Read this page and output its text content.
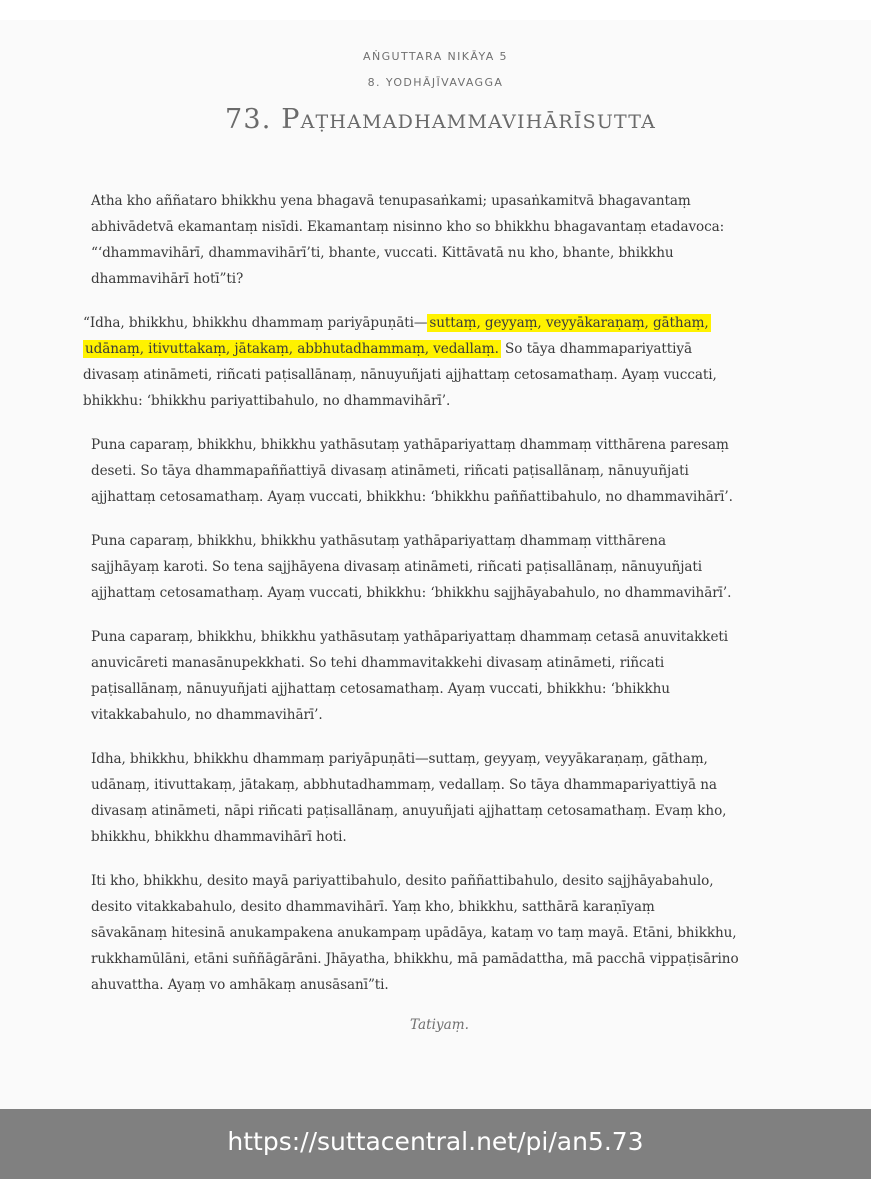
AṄGUTTARA NIKĀYA 5
8. YODHĀJĪVAVAGGA
73. Paṭhamadhammavihārīsutta

Atha kho aññataro bhikkhu yena bhagavā tenupasaṅkami; upasaṅkamitvā bhagavantaṃ
abhivādetvā ekamantaṃ nisīdi. Ekamantaṃ nisinno kho so bhikkhu bhagavantaṃ etadavoca:
“‘dhammavihārī, dhammavihārī’ti, bhante, vuccati. Kittāvatā nu kho, bhante, bhikkhu
dhammavihārī hotī”ti?

“Idha, bhikkhu, bhikkhu dhammaṃ pariyāpuṇāti— suttaṃ, geyyaṃ, veyyākaraṇaṃ, gāthaṃ,
udānaṃ, itivuttakaṃ, jātakaṃ, abbhutadhammaṃ, vedallaṃ. So tāya dhammapariyattiyā
divasaṃ atināmeti, riñcati paṭisallānaṃ, nānuyuñjati ajjhattaṃ cetosamathaṃ. Ayaṃ vuccati,
bhikkhu: ‘bhikkhu pariyattibahulo, no dhammavihārī’.

Puna caparaṃ, bhikkhu, bhikkhu yathāsutaṃ yathāpariyattaṃ dhammaṃ vitthārena paresaṃ
deseti. So tāya dhammapaññattiyā divasaṃ atināmeti, riñcati paṭisallānaṃ, nānuyuñjati
ajjhattaṃ cetosamathaṃ. Ayaṃ vuccati, bhikkhu: ‘bhikkhu paññattibahulo, no dhammavihārī’.

Puna caparaṃ, bhikkhu, bhikkhu yathāsutaṃ yathāpariyattaṃ dhammaṃ vitthārena
sajjhāyaṃ karoti. So tena sajjhāyena divasaṃ atināmeti, riñcati paṭisallānaṃ, nānuyuñjati
ajjhattaṃ cetosamathaṃ. Ayaṃ vuccati, bhikkhu: ‘bhikkhu sajjhāyabahulo, no dhammavihārī’.

Puna caparaṃ, bhikkhu, bhikkhu yathāsutaṃ yathāpariyattaṃ dhammaṃ cetasā anuvitakketi
anuvicāreti manasānupekkhati. So tehi dhammavitakkehi divasaṃ atināmeti, riñcati
paṭisallānaṃ, nānuyuñjati ajjhattaṃ cetosamathaṃ. Ayaṃ vuccati, bhikkhu: ‘bhikkhu
vitakkabahulo, no dhammavihārī’.

Idha, bhikkhu, bhikkhu dhammaṃ pariyāpuṇāti—suttaṃ, geyyaṃ, veyyākaraṇaṃ, gāthaṃ,
udānaṃ, itivuttakaṃ, jātakaṃ, abbhutadhammaṃ, vedallaṃ. So tāya dhammapariyattiyā na
divasaṃ atināmeti, nāpi riñcati paṭisallānaṃ, anuyuñjati ajjhattaṃ cetosamathaṃ. Evaṃ kho,
bhikkhu, bhikkhu dhammavihārī hoti.

Iti kho, bhikkhu, desito mayā pariyattibahulo, desito paññattibahulo, desito sajjhāyabahulo,
desito vitakkabahulo, desito dhammavihārī. Yaṃ kho, bhikkhu, satthārā karaṇīyaṃ
sāvakānaṃ hitesinā anukampakena anukampaṃ upādāya, kataṃ vo taṃ mayā. Etāni, bhikkhu,
rukkhamūlāni, etāni suññāgārāni. Jhāyatha, bhikkhu, mā pamādattha, mā pacchā vippaṭisārino
ahuvattha. Ayaṃ vo amhākaṃ anusāsanī”ti.

Tatiyaṃ.
https://suttacentral.net/pi/an5.73
